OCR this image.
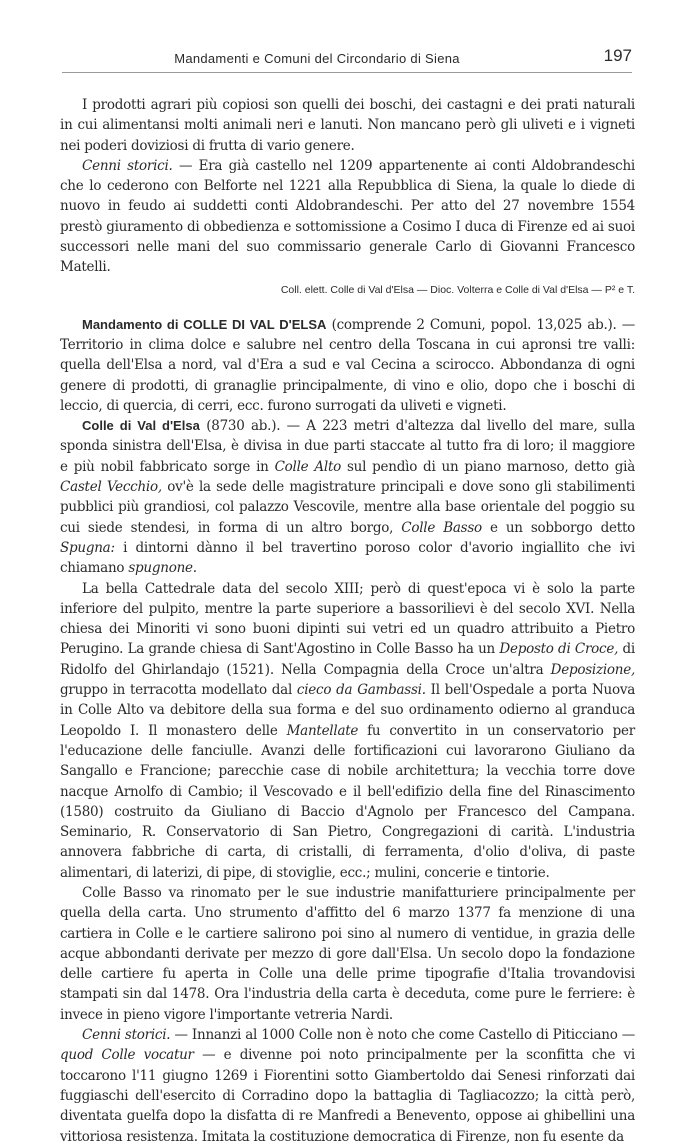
Mandamenti e Comuni del Circondario di Siena	197

I prodotti agrari più copiosi son quelli dei boschi, dei castagni e dei prati naturali in cui alimentansi molti animali neri e lanuti. Non mancano però gli uliveti e i vigneti nei poderi doviziosi di frutta di vario genere.

Cenni storici. — Era già castello nel 1209 appartenente ai conti Aldobrandeschi che lo cederono con Belforte nel 1221 alla Repubblica di Siena, la quale lo diede di nuovo in feudo ai suddetti conti Aldobrandeschi. Per atto del 27 novembre 1554 prestò giuramento di obbedienza e sottomissione a Cosimo I duca di Firenze ed ai suoi successori nelle mani del suo commissario generale Carlo di Giovanni Francesco Matelli.

Coll. elett. Colle di Val d'Elsa — Dioc. Volterra e Colle di Val d'Elsa — P² e T.

Mandamento di COLLE DI VAL D'ELSA (comprende 2 Comuni, popol. 13,025 ab.). — Territorio in clima dolce e salubre nel centro della Toscana in cui apronsi tre valli: quella dell'Elsa a nord, val d'Era a sud e val Cecina a scirocco. Abbondanza di ogni genere di prodotti, di granaglie principalmente, di vino e olio, dopo che i boschi di leccio, di quercia, di cerri, ecc. furono surrogati da uliveti e vigneti.

Colle di Val d'Elsa (8730 ab.). — A 223 metri d'altezza dal livello del mare, sulla sponda sinistra dell'Elsa, è divisa in due parti staccate al tutto fra di loro; il maggiore e più nobil fabbricato sorge in Colle Alto sul pendìo di un piano marnoso, detto già Castel Vecchio, ov'è la sede delle magistrature principali e dove sono gli stabilimenti pubblici più grandiosi, col palazzo Vescovile, mentre alla base orientale del poggio su cui siede stendesi, in forma di un altro borgo, Colle Basso e un sobborgo detto Spugna: i dintorni dànno il bel travertino poroso color d'avorio ingiallito che ivi chiamano spugnone.

La bella Cattedrale data del secolo XIII; però di quest'epoca vi è solo la parte inferiore del pulpito, mentre la parte superiore a bassorilievi è del secolo XVI. Nella chiesa dei Minoriti vi sono buoni dipinti sui vetri ed un quadro attribuito a Pietro Perugino. La grande chiesa di Sant'Agostino in Colle Basso ha un Deposto di Croce, di Ridolfo del Ghirlandajo (1521). Nella Compagnia della Croce un'altra Deposizione, gruppo in terracotta modellato dal cieco da Gambassi. Il bell'Ospedale a porta Nuova in Colle Alto va debitore della sua forma e del suo ordinamento odierno al granduca Leopoldo I. Il monastero delle Mantellate fu convertito in un conservatorio per l'educazione delle fanciulle. Avanzi delle fortificazioni cui lavorarono Giuliano da Sangallo e Francione; parecchie case di nobile architettura; la vecchia torre dove nacque Arnolfo di Cambio; il Vescovado e il bell'edifizio della fine del Rinascimento (1580) costruito da Giuliano di Baccio d'Agnolo per Francesco del Campana. Seminario, R. Conservatorio di San Pietro, Congregazioni di carità. L'industria annovera fabbriche di carta, di cristalli, di ferramenta, d'olio d'oliva, di paste alimentari, di laterizi, di pipe, di stoviglie, ecc.; mulini, concerie e tintorie.

Colle Basso va rinomato per le sue industrie manifatturiere principalmente per quella della carta. Uno strumento d'affitto del 6 marzo 1377 fa menzione di una cartiera in Colle e le cartiere salirono poi sino al numero di ventidue, in grazia delle acque abbondanti derivate per mezzo di gore dall'Elsa. Un secolo dopo la fondazione delle cartiere fu aperta in Colle una delle prime tipografie d'Italia trovandovisi stampati sin dal 1478. Ora l'industria della carta è deceduta, come pure le ferriere: è invece in pieno vigore l'importante vetreria Nardi.

Cenni storici. — Innanzi al 1000 Colle non è noto che come Castello di Piticciano — quod Colle vocatur — e divenne poi noto principalmente per la sconfitta che vi toccarono l'11 giugno 1269 i Fiorentini sotto Giambertoldo dai Senesi rinforzati dai fuggiaschi dell'esercito di Corradino dopo la battaglia di Tagliacozzo; la città però, diventata guelfa dopo la disfatta di re Manfredi a Benevento, oppose ai ghibellini una vittoriosa resistenza. Imitata la costituzione democratica di Firenze, non fu esente da
